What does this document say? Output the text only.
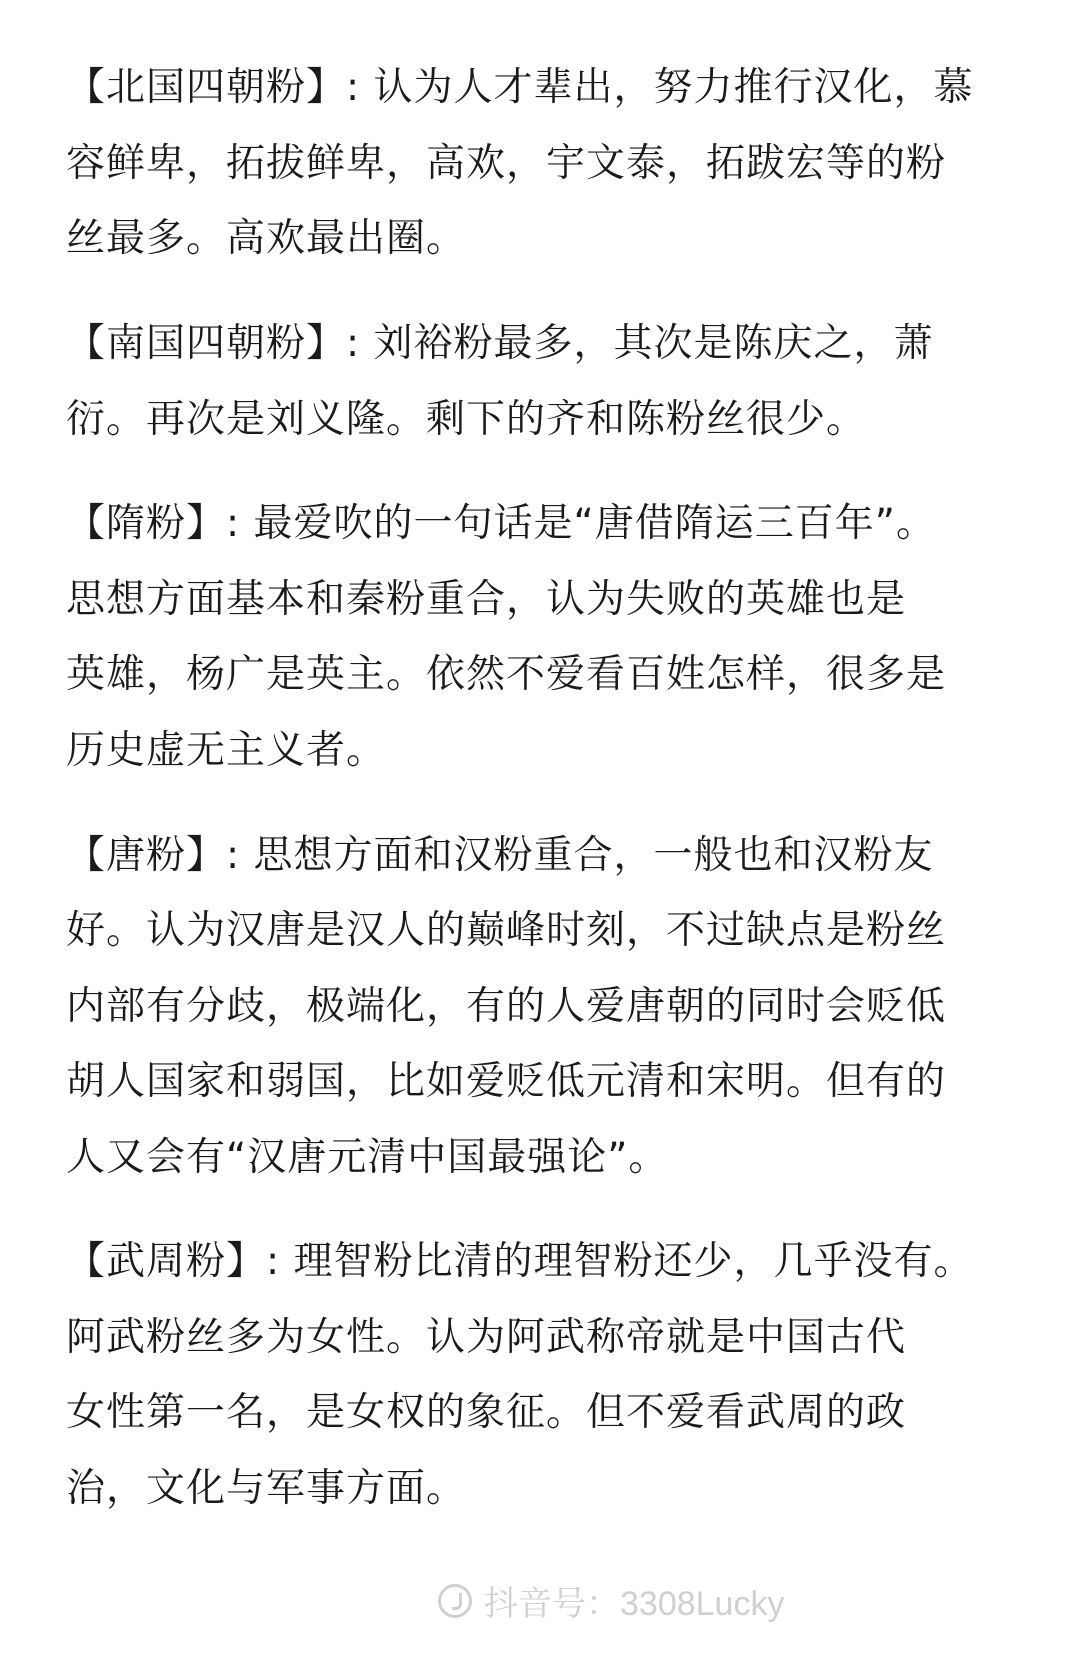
【北国四朝粉】: 认为人才辈出，努力推行汉化，慕
容鲜卑，拓拔鲜卑，高欢，宇文泰，拓跋宏等的粉
丝最多。高欢最出圈。
【南国四朝粉】: 刘裕粉最多，其次是陈庆之，萧
衍。再次是刘义隆。剩下的齐和陈粉丝很少。
【隋粉】: 最爱吹的一句话是“唐借隋运三百年”。
思想方面基本和秦粉重合，认为失败的英雄也是
英雄，杨广是英主。依然不爱看百姓怎样，很多是
历史虚无主义者。
【唐粉】: 思想方面和汉粉重合，一般也和汉粉友
好。认为汉唐是汉人的巅峰时刻，不过缺点是粉丝
内部有分歧，极端化，有的人爱唐朝的同时会贬低
胡人国家和弱国，比如爱贬低元清和宋明。但有的
人又会有“汉唐元清中国最强论”。
【武周粉】: 理智粉比清的理智粉还少，几乎没有。
阿武粉丝多为女性。认为阿武称帝就是中国古代
女性第一名，是女权的象征。但不爱看武周的政
治，文化与军事方面。
抖音号：3308Lucky
